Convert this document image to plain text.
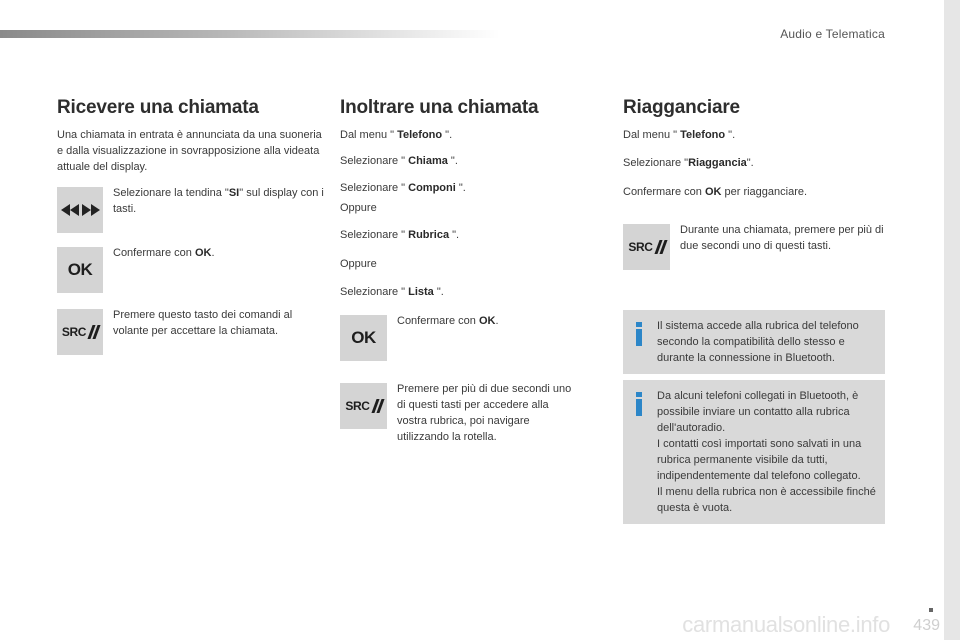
Audio e Telematica
Ricevere una chiamata

Una chiamata in entrata è annunciata da una suoneria e dalla visualizzazione in sovrapposizione alla videata attuale del display.

Selezionare la tendina "SI" sul display con i tasti.

OK

Confermare con OK.

SRC

Premere questo tasto dei comandi al volante per accettare la chiamata.

Inoltrare una chiamata

Dal menu " Telefono ".

Selezionare " Chiama ".

Selezionare " Componi ".

Oppure

Selezionare " Rubrica ".

Oppure

Selezionare " Lista ".

OK

Confermare con OK.

SRC

Premere per più di due secondi uno di questi tasti per accedere alla vostra rubrica, poi navigare utilizzando la rotella.

Riagganciare

Dal menu " Telefono ".

Selezionare "Riaggancia".

Confermare con OK per riagganciare.

SRC

Durante una chiamata, premere per più di due secondi uno di questi tasti.

Il sistema accede alla rubrica del telefono secondo la compatibilità dello stesso e durante la connessione in Bluetooth.

Da alcuni telefoni collegati in Bluetooth, è possibile inviare un contatto alla rubrica dell'autoradio.

I contatti così importati sono salvati in una rubrica permanente visibile da tutti, indipendentemente dal telefono collegato.

Il menu della rubrica non è accessibile finché questa è vuota.

carmanualsonline.info 439
